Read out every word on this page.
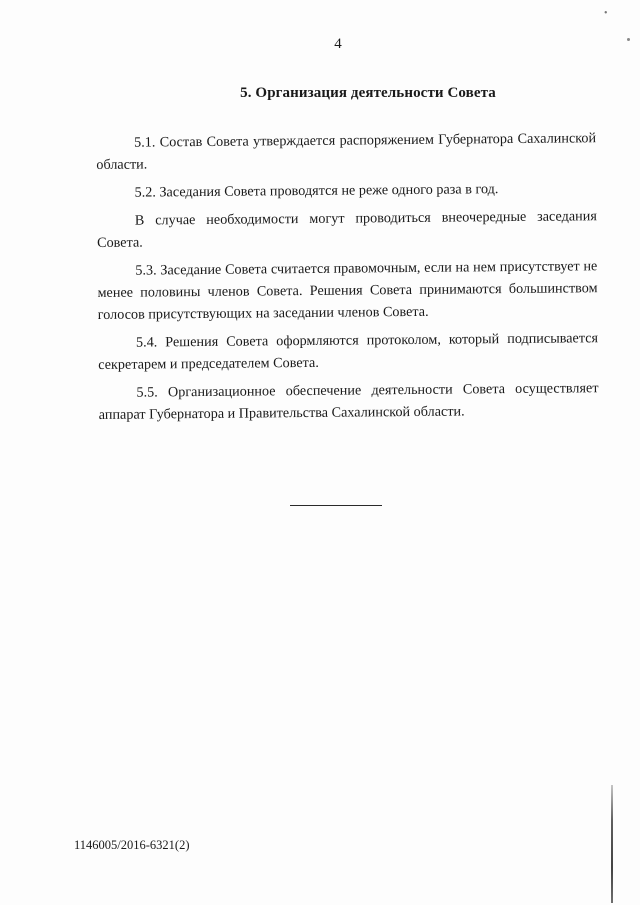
•
4
5. Организация деятельности Совета

5.1. Состав Совета утверждается распоряжением Губернатора Сахалинской области.

5.2. Заседания Совета проводятся не реже одного раза в год.

В случае необходимости могут проводиться внеочередные заседания Совета.

5.3. Заседание Совета считается правомочным, если на нем присутствует не менее половины членов Совета. Решения Совета принимаются большинством голосов присутствующих на заседании членов Совета.

5.4. Решения Совета оформляются протоколом, который подписывается секретарем и председателем Совета.

5.5. Организационное обеспечение деятельности Совета осуществляет аппарат Губернатора и Правительства Сахалинской области.

1146005/2016-6321(2)
